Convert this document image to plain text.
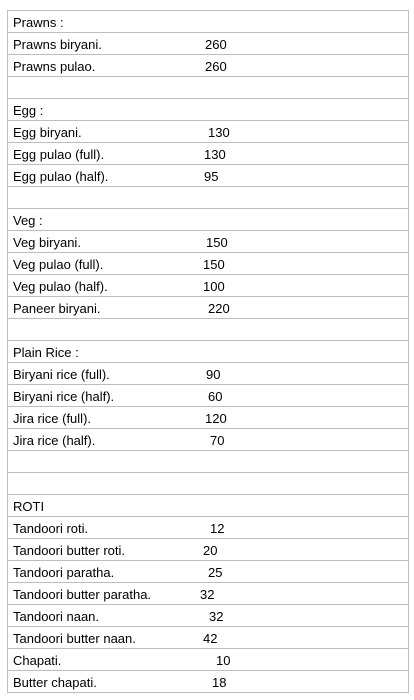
Prawns :
Prawns biryani.	260
Prawns pulao.	260
Egg :
Egg biryani.	130
Egg pulao (full).	130
Egg pulao (half).	95
Veg :
Veg biryani.	150
Veg pulao (full).	150
Veg pulao (half).	100
Paneer biryani.	220
Plain Rice :
Biryani rice (full).	90
Biryani rice (half).	60
Jira rice (full).	120
Jira rice (half).	70
ROTI
Tandoori roti.	12
Tandoori butter roti.	20
Tandoori paratha.	25
Tandoori butter paratha.	32
Tandoori naan.	32
Tandoori butter naan.	42
Chapati.	10
Butter chapati.	18
